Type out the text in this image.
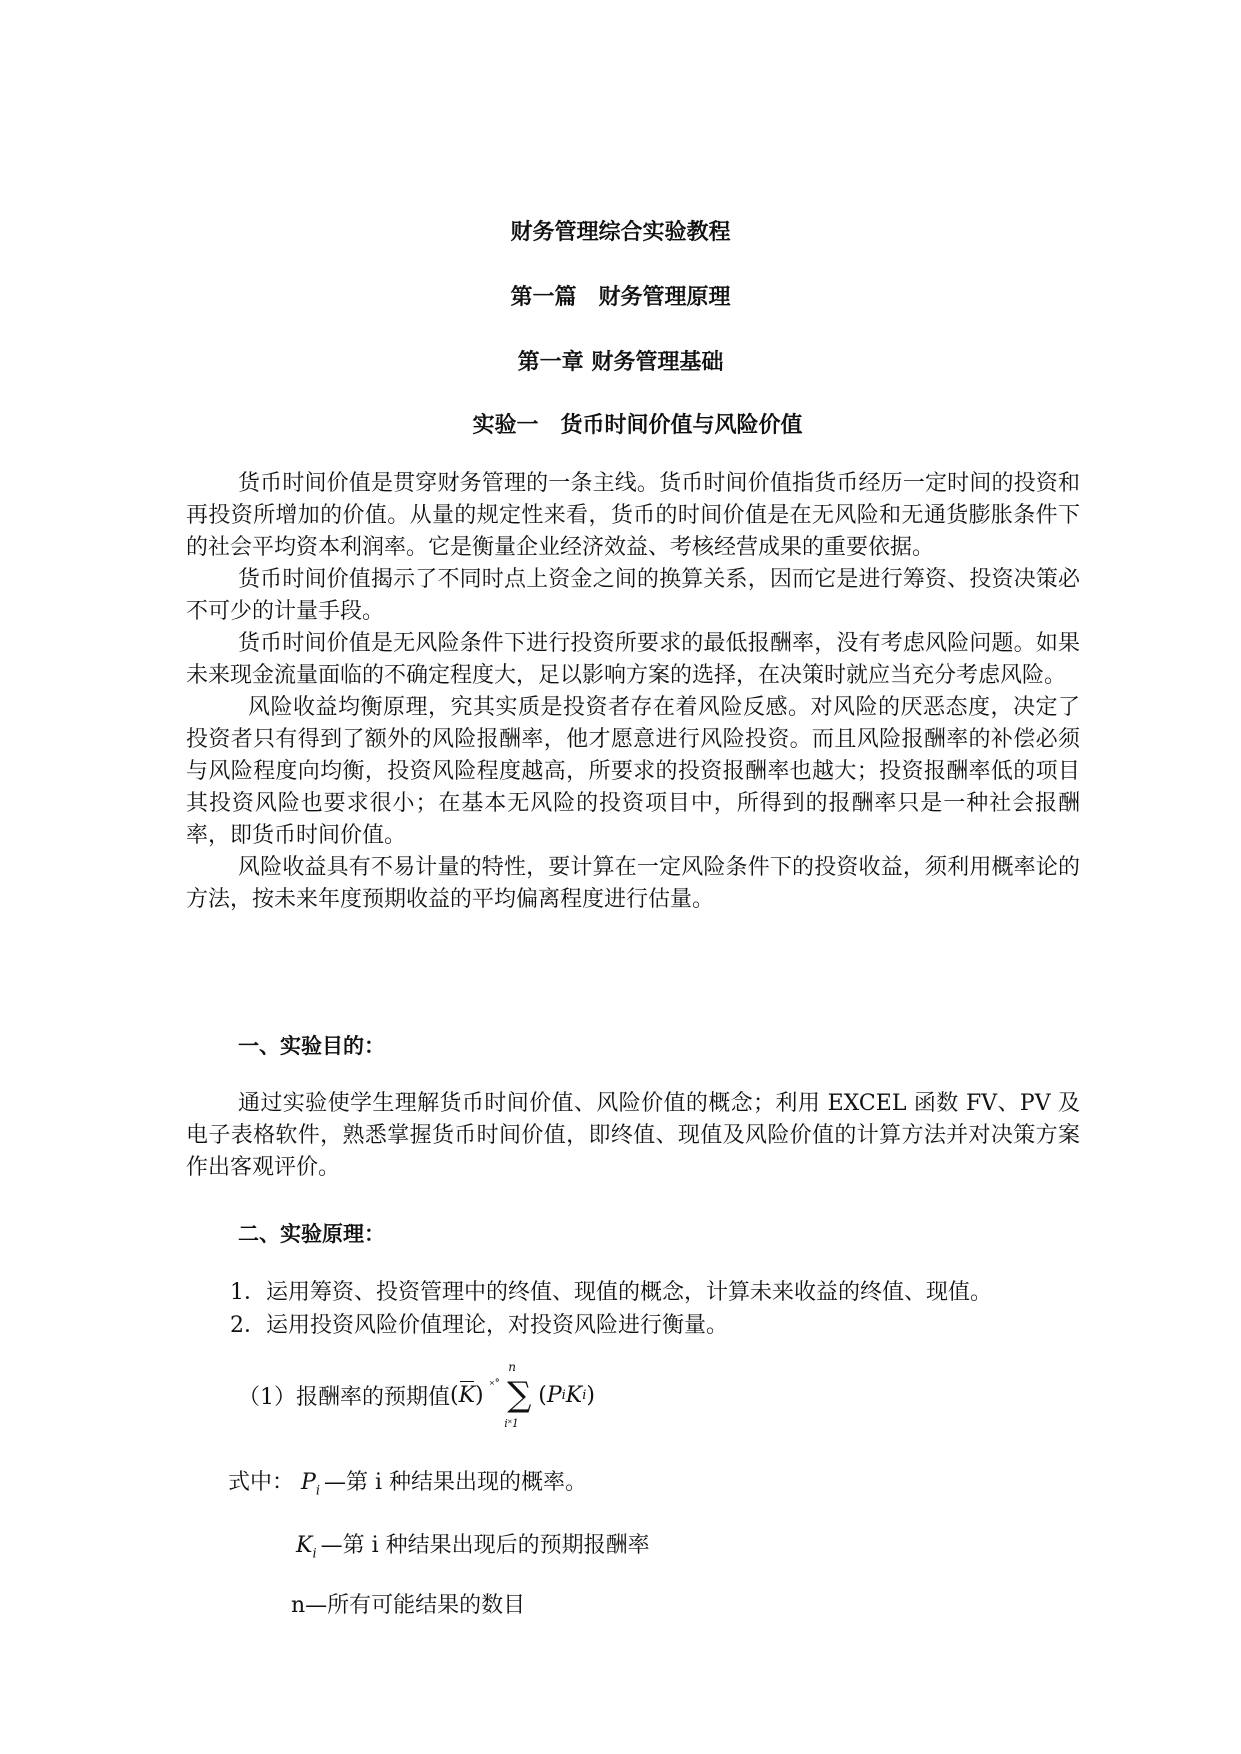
财务管理综合实验教程
第一篇　财务管理原理
第一章 财务管理基础
实验一　货币时间价值与风险价值

货币时间价值是贯穿财务管理的一条主线。货币时间价值指货币经历一定时间的投资和再投资所增加的价值。从量的规定性来看，货币的时间价值是在无风险和无通货膨胀条件下的社会平均资本利润率。它是衡量企业经济效益、考核经营成果的重要依据。

货币时间价值揭示了不同时点上资金之间的换算关系，因而它是进行筹资、投资决策必不可少的计量手段。

货币时间价值是无风险条件下进行投资所要求的最低报酬率，没有考虑风险问题。如果未来现金流量面临的不确定程度大，足以影响方案的选择，在决策时就应当充分考虑风险。

风险收益均衡原理，究其实质是投资者存在着风险反感。对风险的厌恶态度，决定了投资者只有得到了额外的风险报酬率，他才愿意进行风险投资。而且风险报酬率的补偿必须与风险程度向均衡，投资风险程度越高，所要求的投资报酬率也越大；投资报酬率低的项目其投资风险也要求很小；在基本无风险的投资项目中，所得到的报酬率只是一种社会报酬率，即货币时间价值。

风险收益具有不易计量的特性，要计算在一定风险条件下的投资收益，须利用概率论的方法，按未来年度预期收益的平均偏离程度进行估量。

一、实验目的：

通过实验使学生理解货币时间价值、风险价值的概念；利用 EXCEL 函数 FV、PV 及电子表格软件，熟悉掌握货币时间价值，即终值、现值及风险价值的计算方法并对决策方案作出客观评价。

二、实验原理：
1．运用筹资、投资管理中的终值、现值的概念，计算未来收益的终值、现值。
2．运用投资风险价值理论，对投资风险进行衡量。
（1）报酬率的预期值 ( K ) ˟˚
n
∑
i˟1
( P i K i )

式中： $P_i$ —第 i 种结果出现的概率。

$K_i$ —第 i 种结果出现后的预期报酬率

n—所有可能结果的数目
